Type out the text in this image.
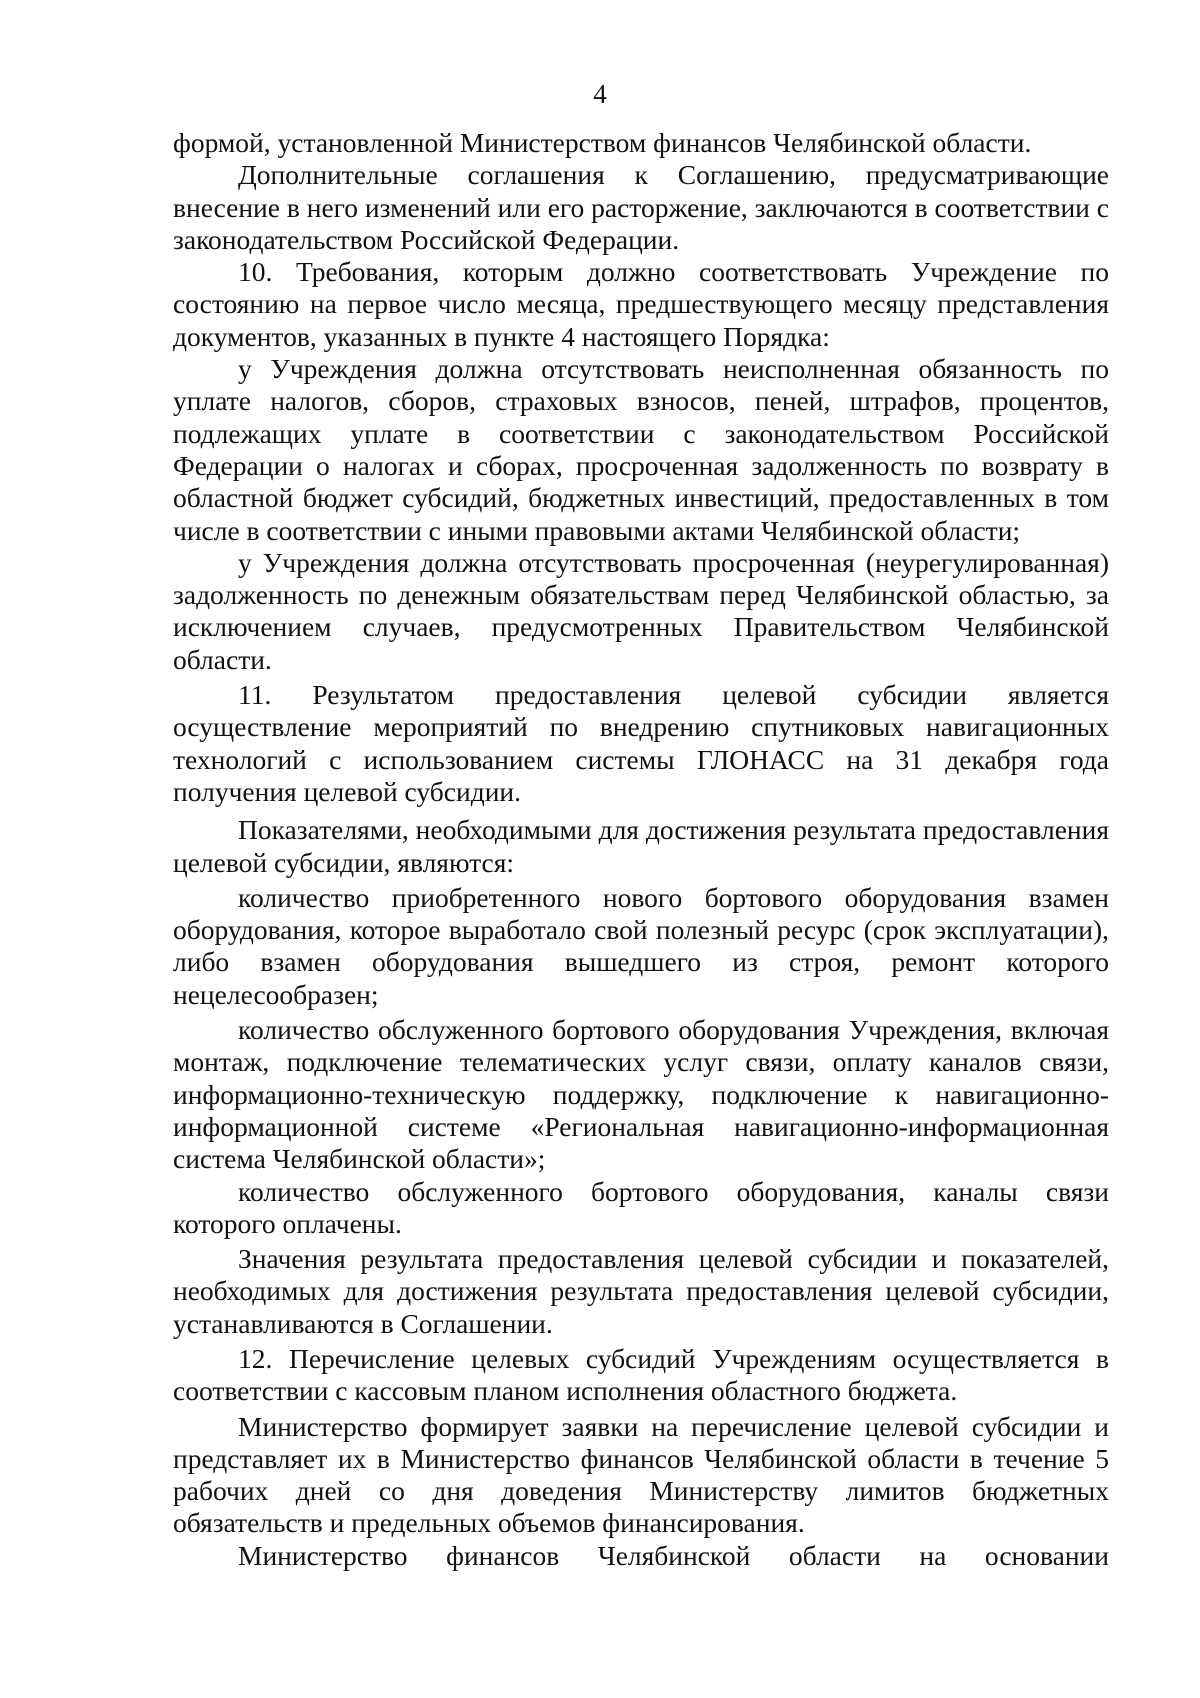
4

формой, установленной Министерством финансов Челябинской области.

Дополнительные соглашения к Соглашению, предусматривающие внесение в него изменений или его расторжение, заключаются в соответствии с законодательством Российской Федерации.

10. Требования, которым должно соответствовать Учреждение по состоянию на первое число месяца, предшествующего месяцу представления документов, указанных в пункте 4 настоящего Порядка:

у Учреждения должна отсутствовать неисполненная обязанность по уплате налогов, сборов, страховых взносов, пеней, штрафов, процентов, подлежащих уплате в соответствии с законодательством Российской Федерации о налогах и сборах, просроченная задолженность по возврату в областной бюджет субсидий, бюджетных инвестиций, предоставленных в том числе в соответствии с иными правовыми актами Челябинской области;

у Учреждения должна отсутствовать просроченная (неурегулированная) задолженность по денежным обязательствам перед Челябинской областью, за исключением случаев, предусмотренных Правительством Челябинской области.

11. Результатом предоставления целевой субсидии является осуществление мероприятий по внедрению спутниковых навигационных технологий с использованием системы ГЛОНАСС на 31 декабря года получения целевой субсидии.

Показателями, необходимыми для достижения результата предоставления целевой субсидии, являются:

количество приобретенного нового бортового оборудования взамен оборудования, которое выработало свой полезный ресурс (срок эксплуатации), либо взамен оборудования вышедшего из строя, ремонт которого нецелесообразен;

количество обслуженного бортового оборудования Учреждения, включая монтаж, подключение телематических услуг связи, оплату каналов связи, информационно-техническую поддержку, подключение к навигационно-информационной системе «Региональная навигационно-информационная система Челябинской области»;

количество обслуженного бортового оборудования, каналы связи которого оплачены.

Значения результата предоставления целевой субсидии и показателей, необходимых для достижения результата предоставления целевой субсидии, устанавливаются в Соглашении.

12. Перечисление целевых субсидий Учреждениям осуществляется в соответствии с кассовым планом исполнения областного бюджета.

Министерство формирует заявки на перечисление целевой субсидии и представляет их в Министерство финансов Челябинской области в течение 5 рабочих дней со дня доведения Министерству лимитов бюджетных обязательств и предельных объемов финансирования.

Министерство финансов Челябинской области на основании
